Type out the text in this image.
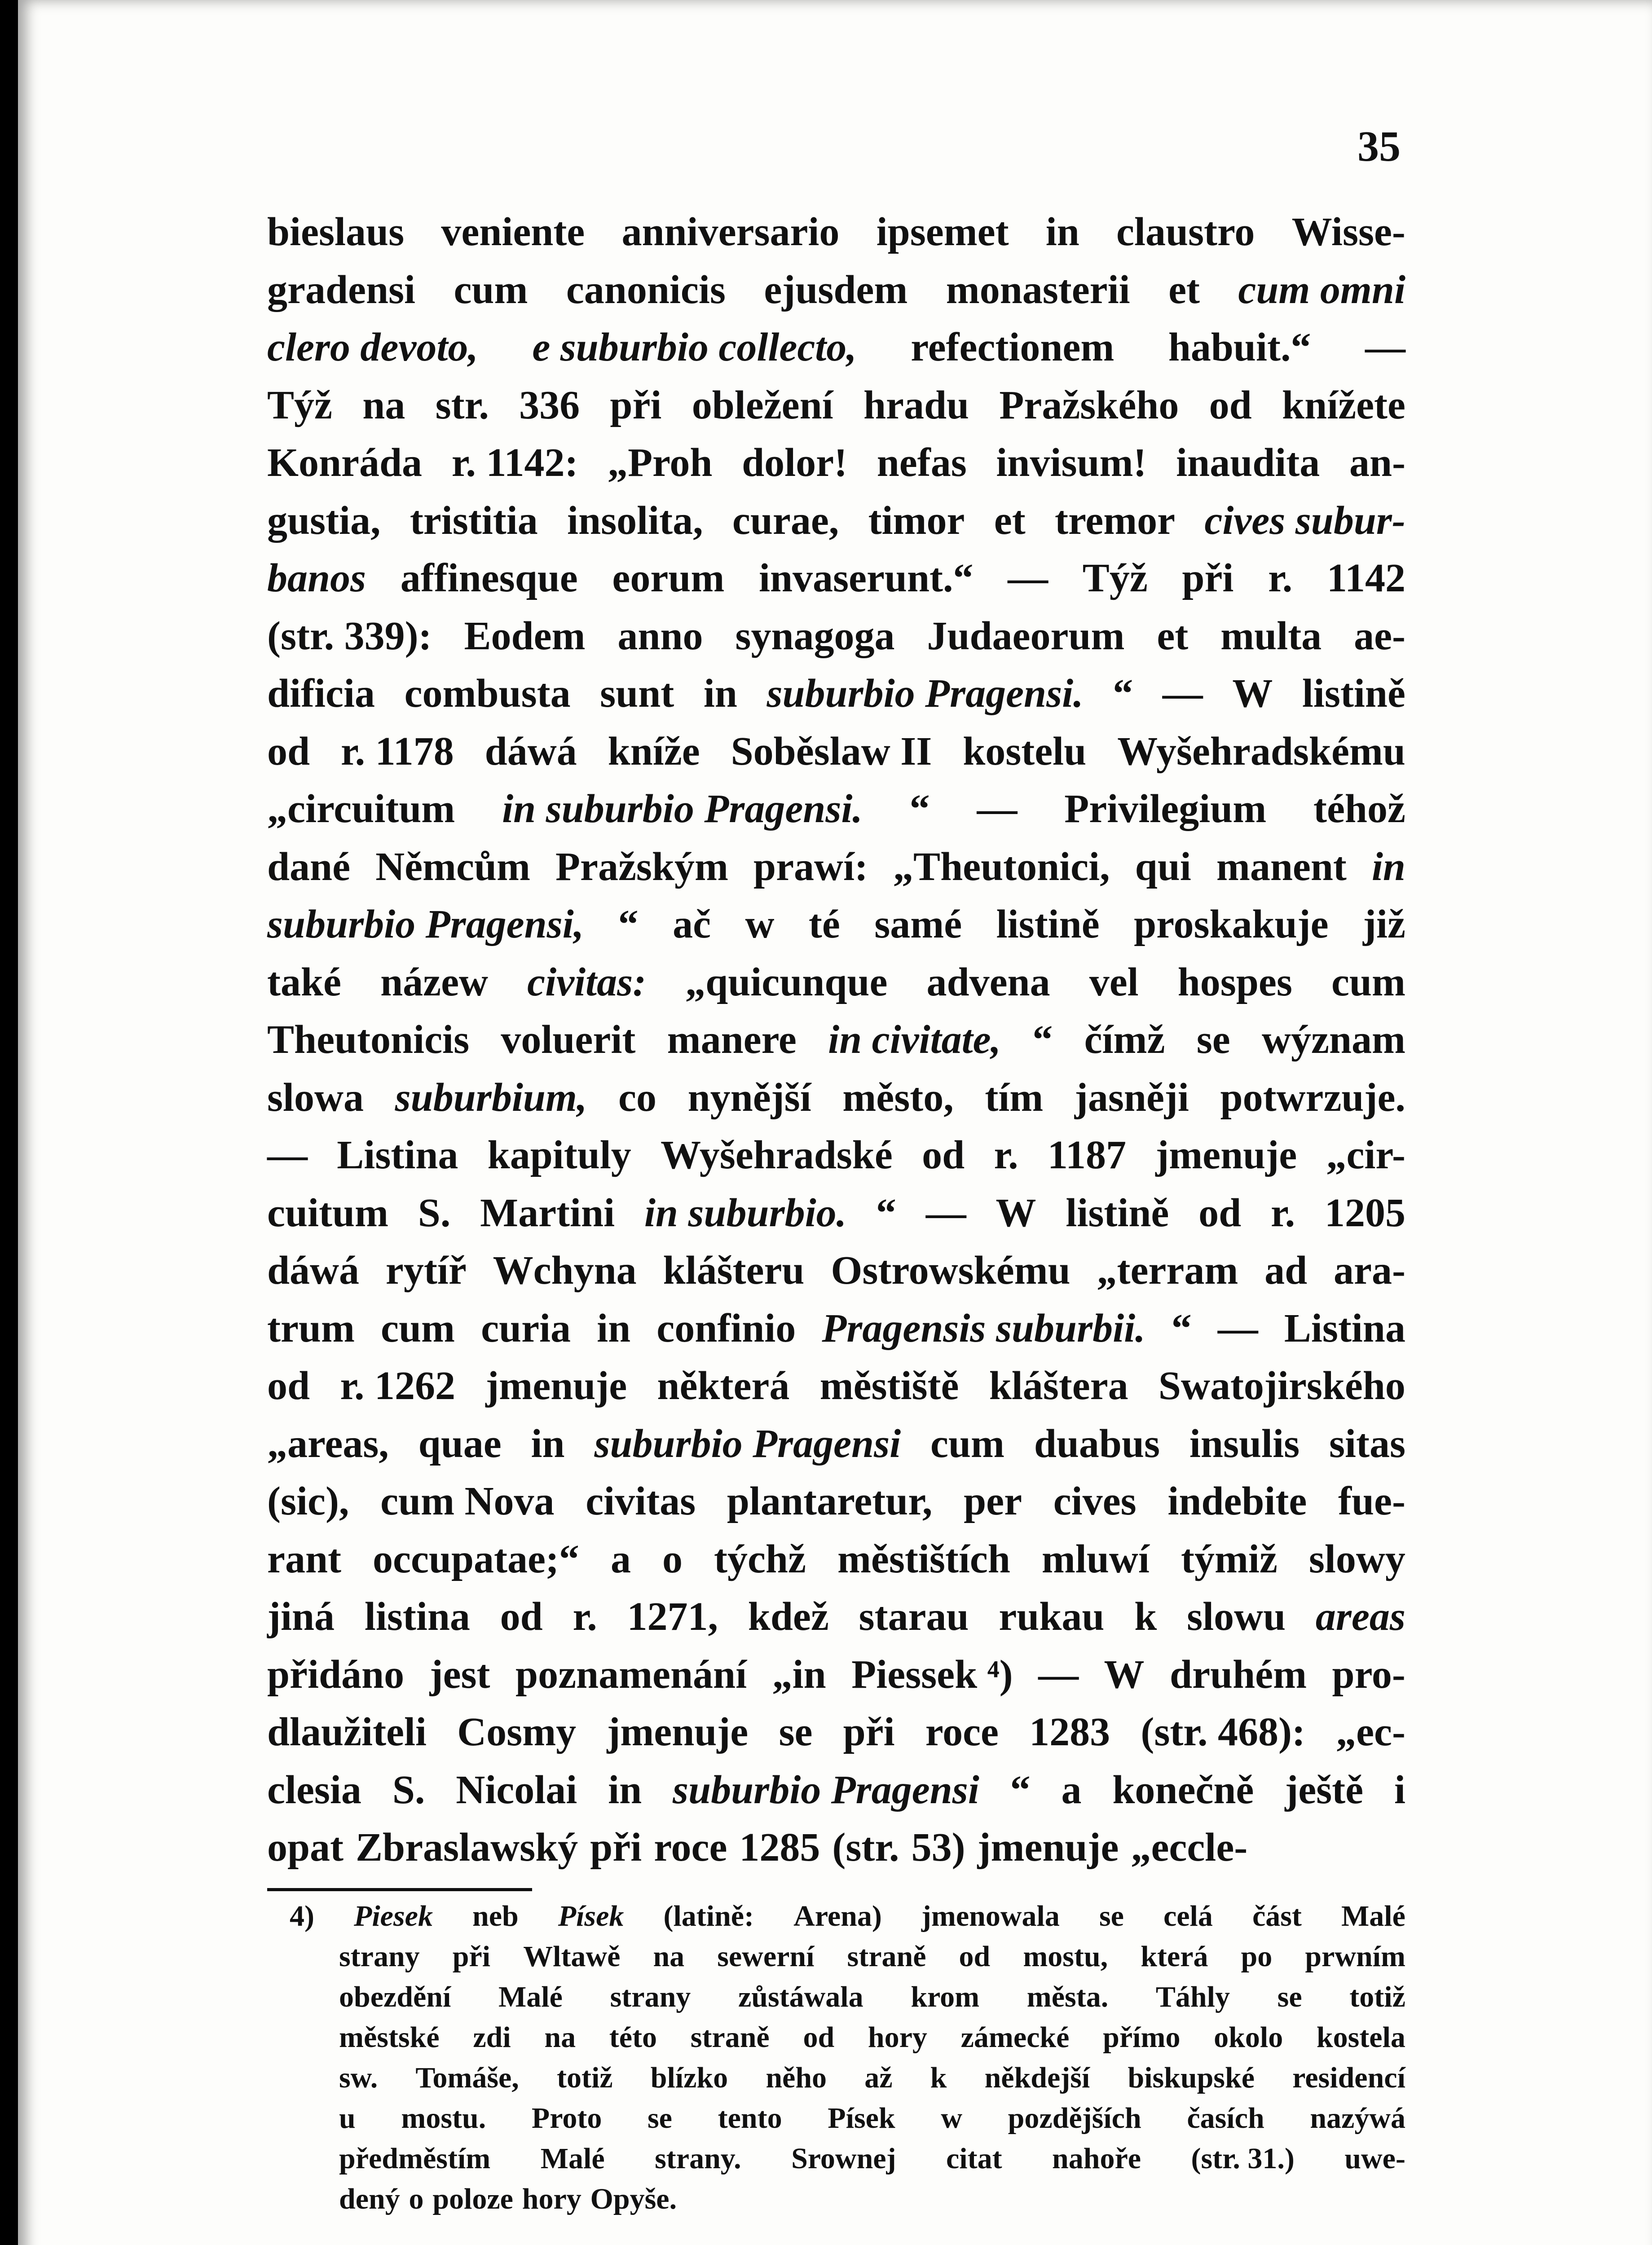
35
bieslaus veniente anniversario ipsemet in claustro Wisse-
gradensi cum canonicis ejusdem monasterii et cum omni
clero devoto, e suburbio collecto, refectionem habuit.“ —
Týž na str. 336 při obležení hradu Pražského od knížete
Konráda r. 1142: „Proh dolor! nefas invisum! inaudita an-
gustia, tristitia insolita, curae, timor et tremor cives subur-
banos affinesque eorum invaserunt.“ — Týž při r. 1142
(str. 339): Eodem anno synagoga Judaeorum et multa ae-
dificia combusta sunt in suburbio Pragensi. “ — W listině
od r. 1178 dáwá kníže Soběslaw II kostelu Wyšehradskému
„circuitum in suburbio Pragensi. “ — Privilegium téhož
dané Němcům Pražským prawí: „Theutonici, qui manent in
suburbio Pragensi, “ ač w té samé listině proskakuje již
také názew civitas: „quicunque advena vel hospes cum
Theutonicis voluerit manere in civitate, “ čímž se wýznam
slowa suburbium, co nynější město, tím jasněji potwrzuje.
— Listina kapituly Wyšehradské od r. 1187 jmenuje „cir-
cuitum S. Martini in suburbio. “ — W listině od r. 1205
dáwá rytíř Wchyna klášteru Ostrowskému „terram ad ara-
trum cum curia in confinio Pragensis suburbii. “ — Listina
od r. 1262 jmenuje některá městiště kláštera Swatojirského
„areas, quae in suburbio Pragensi cum duabus insulis sitas
(sic), cum Nova civitas plantaretur, per cives indebite fue-
rant occupatae;“ a o týchž městištích mluwí týmiž slowy
jiná listina od r. 1271, kdež starau rukau k slowu areas
přidáno jest poznamenání „in Piessek ⁴) — W druhém pro-
dlaužiteli Cosmy jmenuje se při roce 1283 (str. 468): „ec-
clesia S. Nicolai in suburbio Pragensi “ a konečně ještě i
opat Zbraslawský při roce 1285 (str. 53) jmenuje „eccle-
4) Piesek neb Písek (latině: Arena) jmenowala se celá část Malé
strany při Wltawě na sewerní straně od mostu, která po prwním
obezdění Malé strany zůstáwala krom města. Táhly se totiž
městské zdi na této straně od hory zámecké přímo okolo kostela
sw. Tomáše, totiž blízko něho až k někdejší biskupské residencí
u mostu. Proto se tento Písek w pozdějších časích nazýwá
předměstím Malé strany. Srownej citat nahoře (str. 31.) uwe-
dený o poloze hory Opyše.
